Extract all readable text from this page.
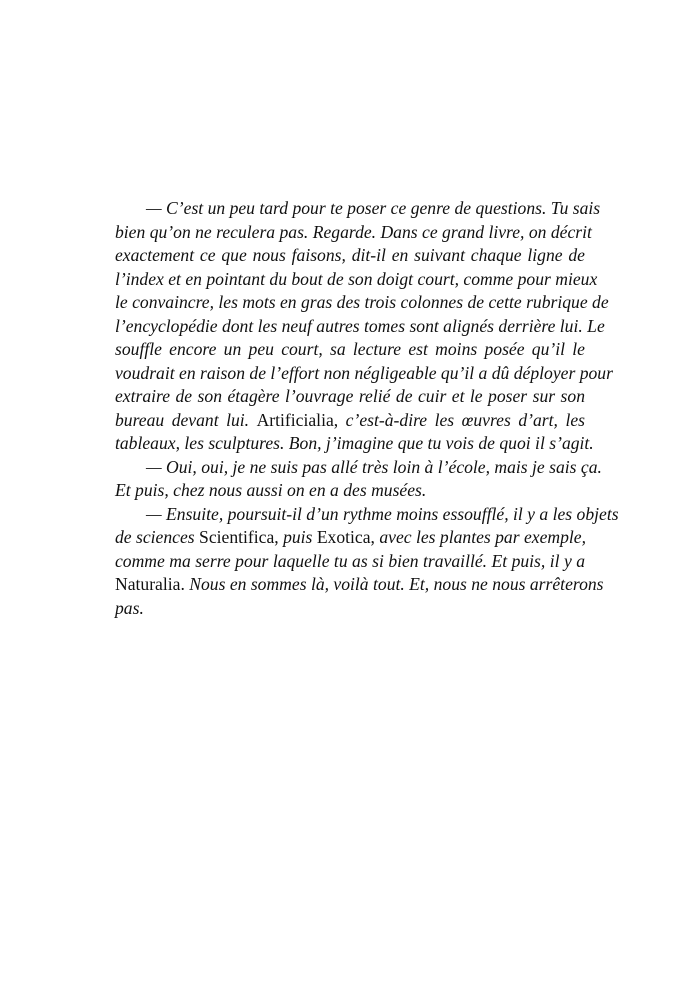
— C’est un peu tard pour te poser ce genre de questions. Tu sais
bien qu’on ne reculera pas. Regarde. Dans ce grand livre, on décrit
exactement ce que nous faisons, dit-il en suivant chaque ligne de
l’index et en pointant du bout de son doigt court, comme pour mieux
le convaincre, les mots en gras des trois colonnes de cette rubrique de
l’encyclopédie dont les neuf autres tomes sont alignés derrière lui. Le
souffle encore un peu court, sa lecture est moins posée qu’il le
voudrait en raison de l’effort non négligeable qu’il a dû déployer pour
extraire de son étagère l’ouvrage relié de cuir et le poser sur son
bureau devant lui. Artificialia, c’est-à-dire les œuvres d’art, les
tableaux, les sculptures. Bon, j’imagine que tu vois de quoi il s’agit.
— Oui, oui, je ne suis pas allé très loin à l’école, mais je sais ça.
Et puis, chez nous aussi on en a des musées.
— Ensuite, poursuit-il d’un rythme moins essoufflé, il y a les objets
de sciences Scientifica, puis Exotica, avec les plantes par exemple,
comme ma serre pour laquelle tu as si bien travaillé. Et puis, il y a
Naturalia. Nous en sommes là, voilà tout. Et, nous ne nous arrêterons
pas.
